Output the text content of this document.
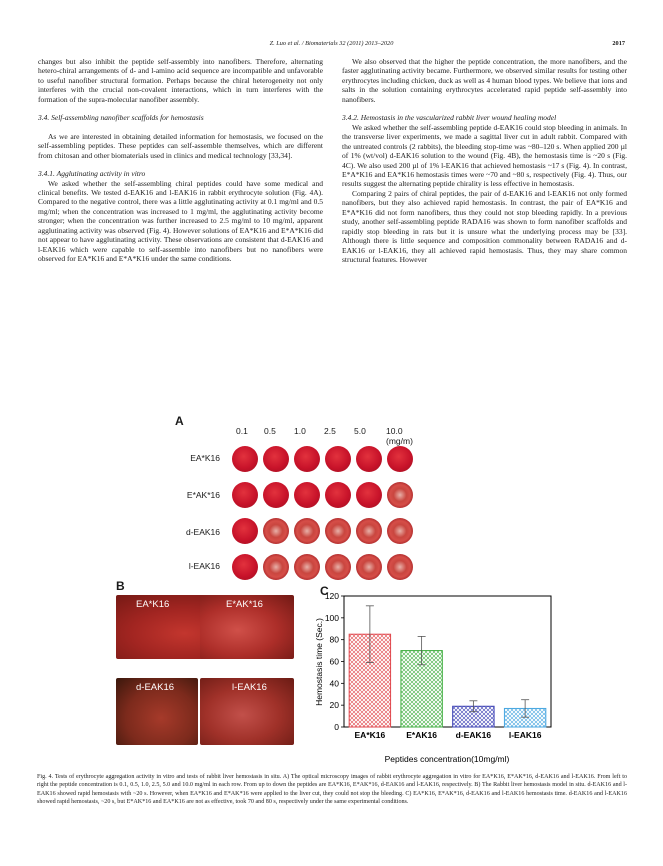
Z. Luo et al. / Biomaterials 32 (2011) 2013–2020	2017

changes but also inhibit the peptide self-assembly into nanofibers. Therefore, alternating hetero-chiral arrangements of d- and l-amino acid sequence are incompatible and unfavorable to useful nanofiber structural formation. Perhaps because the chiral heterogeneity not only interferes with the crucial non-covalent interactions, which in turn interferes with the formation of the supra-molecular nanofiber assembly.

3.4. Self-assembling nanofiber scaffolds for hemostasis

As we are interested in obtaining detailed information for hemostasis, we focused on the self-assembling peptides. These peptides can self-assemble themselves, which are different from chitosan and other biomaterials used in clinics and medical technology [33,34].

3.4.1. Agglutinating activity in vitro

We asked whether the self-assembling chiral peptides could have some medical and clinical benefits. We tested d-EAK16 and l-EAK16 in rabbit erythrocyte solution (Fig. 4A). Compared to the negative control, there was a little agglutinating activity at 0.1 mg/ml and 0.5 mg/ml; when the concentration was increased to 1 mg/ml, the agglutinating activity become stronger; when the concentration was further increased to 2.5 mg/ml to 10 mg/ml, apparent agglutinating activity was observed (Fig. 4). However solutions of EA*K16 and E*A*K16 did not appear to have agglutinating activity. These observations are consistent that d-EAK16 and l-EAK16 which were capable to self-assemble into nanofibers but no nanofibers were observed for EA*K16 and E*A*K16 under the same conditions.

We also observed that the higher the peptide concentration, the more nanofibers, and the faster agglutinating activity became. Furthermore, we observed similar results for testing other erythrocytes including chicken, duck as well as 4 human blood types. We believe that ions and salts in the solution containing erythrocytes accelerated rapid peptide self-assembly into nanofibers.

3.4.2. Hemostasis in the vascularized rabbit liver wound healing model

We asked whether the self-assembling peptide d-EAK16 could stop bleeding in animals. In the transverse liver experiments, we made a sagittal liver cut in adult rabbit. Compared with the untreated controls (2 rabbits), the bleeding stop-time was ~80–120 s. When applied 200 µl of 1% (wt/vol) d-EAK16 solution to the wound (Fig. 4B), the hemostasis time is ~20 s (Fig. 4C). We also used 200 µl of 1% l-EAK16 that achieved hemostasis ~17 s (Fig. 4). In contrast, E*A*K16 and EA*K16 hemostasis times were ~70 and ~80 s, respectively (Fig. 4). Thus, our results suggest the alternating peptide chirality is less effective in hemostasis.

Comparing 2 pairs of chiral peptides, the pair of d-EAK16 and l-EAK16 not only formed nanofibers, but they also achieved rapid hemostasis. In contrast, the pair of EA*K16 and E*A*K16 did not form nanofibers, thus they could not stop bleeding rapidly. In a previous study, another self-assembling peptide RADA16 was shown to form nanofiber scaffolds and rapidly stop bleeding in rats but it is unsure what the underlying process may be [33]. Although there is little sequence and composition commonality between RADA16 and d-EAK16 or l-EAK16, they all achieved rapid hemostasis. Thus, they may share common structural features. However

A
0.1 0.5 1.0 2.5 5.0 10.0 (mg/m)
EA*K16
E*AK*16
d-EAK16
l-EAK16
B
EA*K16	E*AK*16
d-EAK16	l-EAK16
C
Hemostasis time (Sec.)
Peptides concentration(10mg/ml)
0
20
40
60
80
100
120
EA*K16 E*AK16 d-EAK16 l-EAK16
Fig. 4. Tests of erythrocyte aggregation activity in vitro and tests of rabbit liver hemostasis in situ. A) The optical microscopy images of rabbit erythrocyte aggregation in vitro for EA*K16, E*AK*16, d-EAK16 and l-EAK16. From left to right the peptide concentration is 0.1, 0.5, 1.0, 2.5, 5.0 and 10.0 mg/ml in each row. From up to down the peptides are EA*K16, E*AK*16, d-EAK16 and l-EAK16, respectively. B) The Rabbit liver hemostasis model in situ. d-EAK16 and l-EAK16 showed rapid hemostasis with ~20 s. However, when EA*K16 and E*AK*16 were applied to the liver cut, they could not stop the bleeding. C) EA*K16, E*AK*16, d-EAK16 and l-EAK16 hemostasis time. d-EAK16 and l-EAK16 showed rapid hemostasis, ~20 s, but E*AK*16 and EA*K16 are not as effective, took 70 and 80 s, respectively under the same experimental conditions.
